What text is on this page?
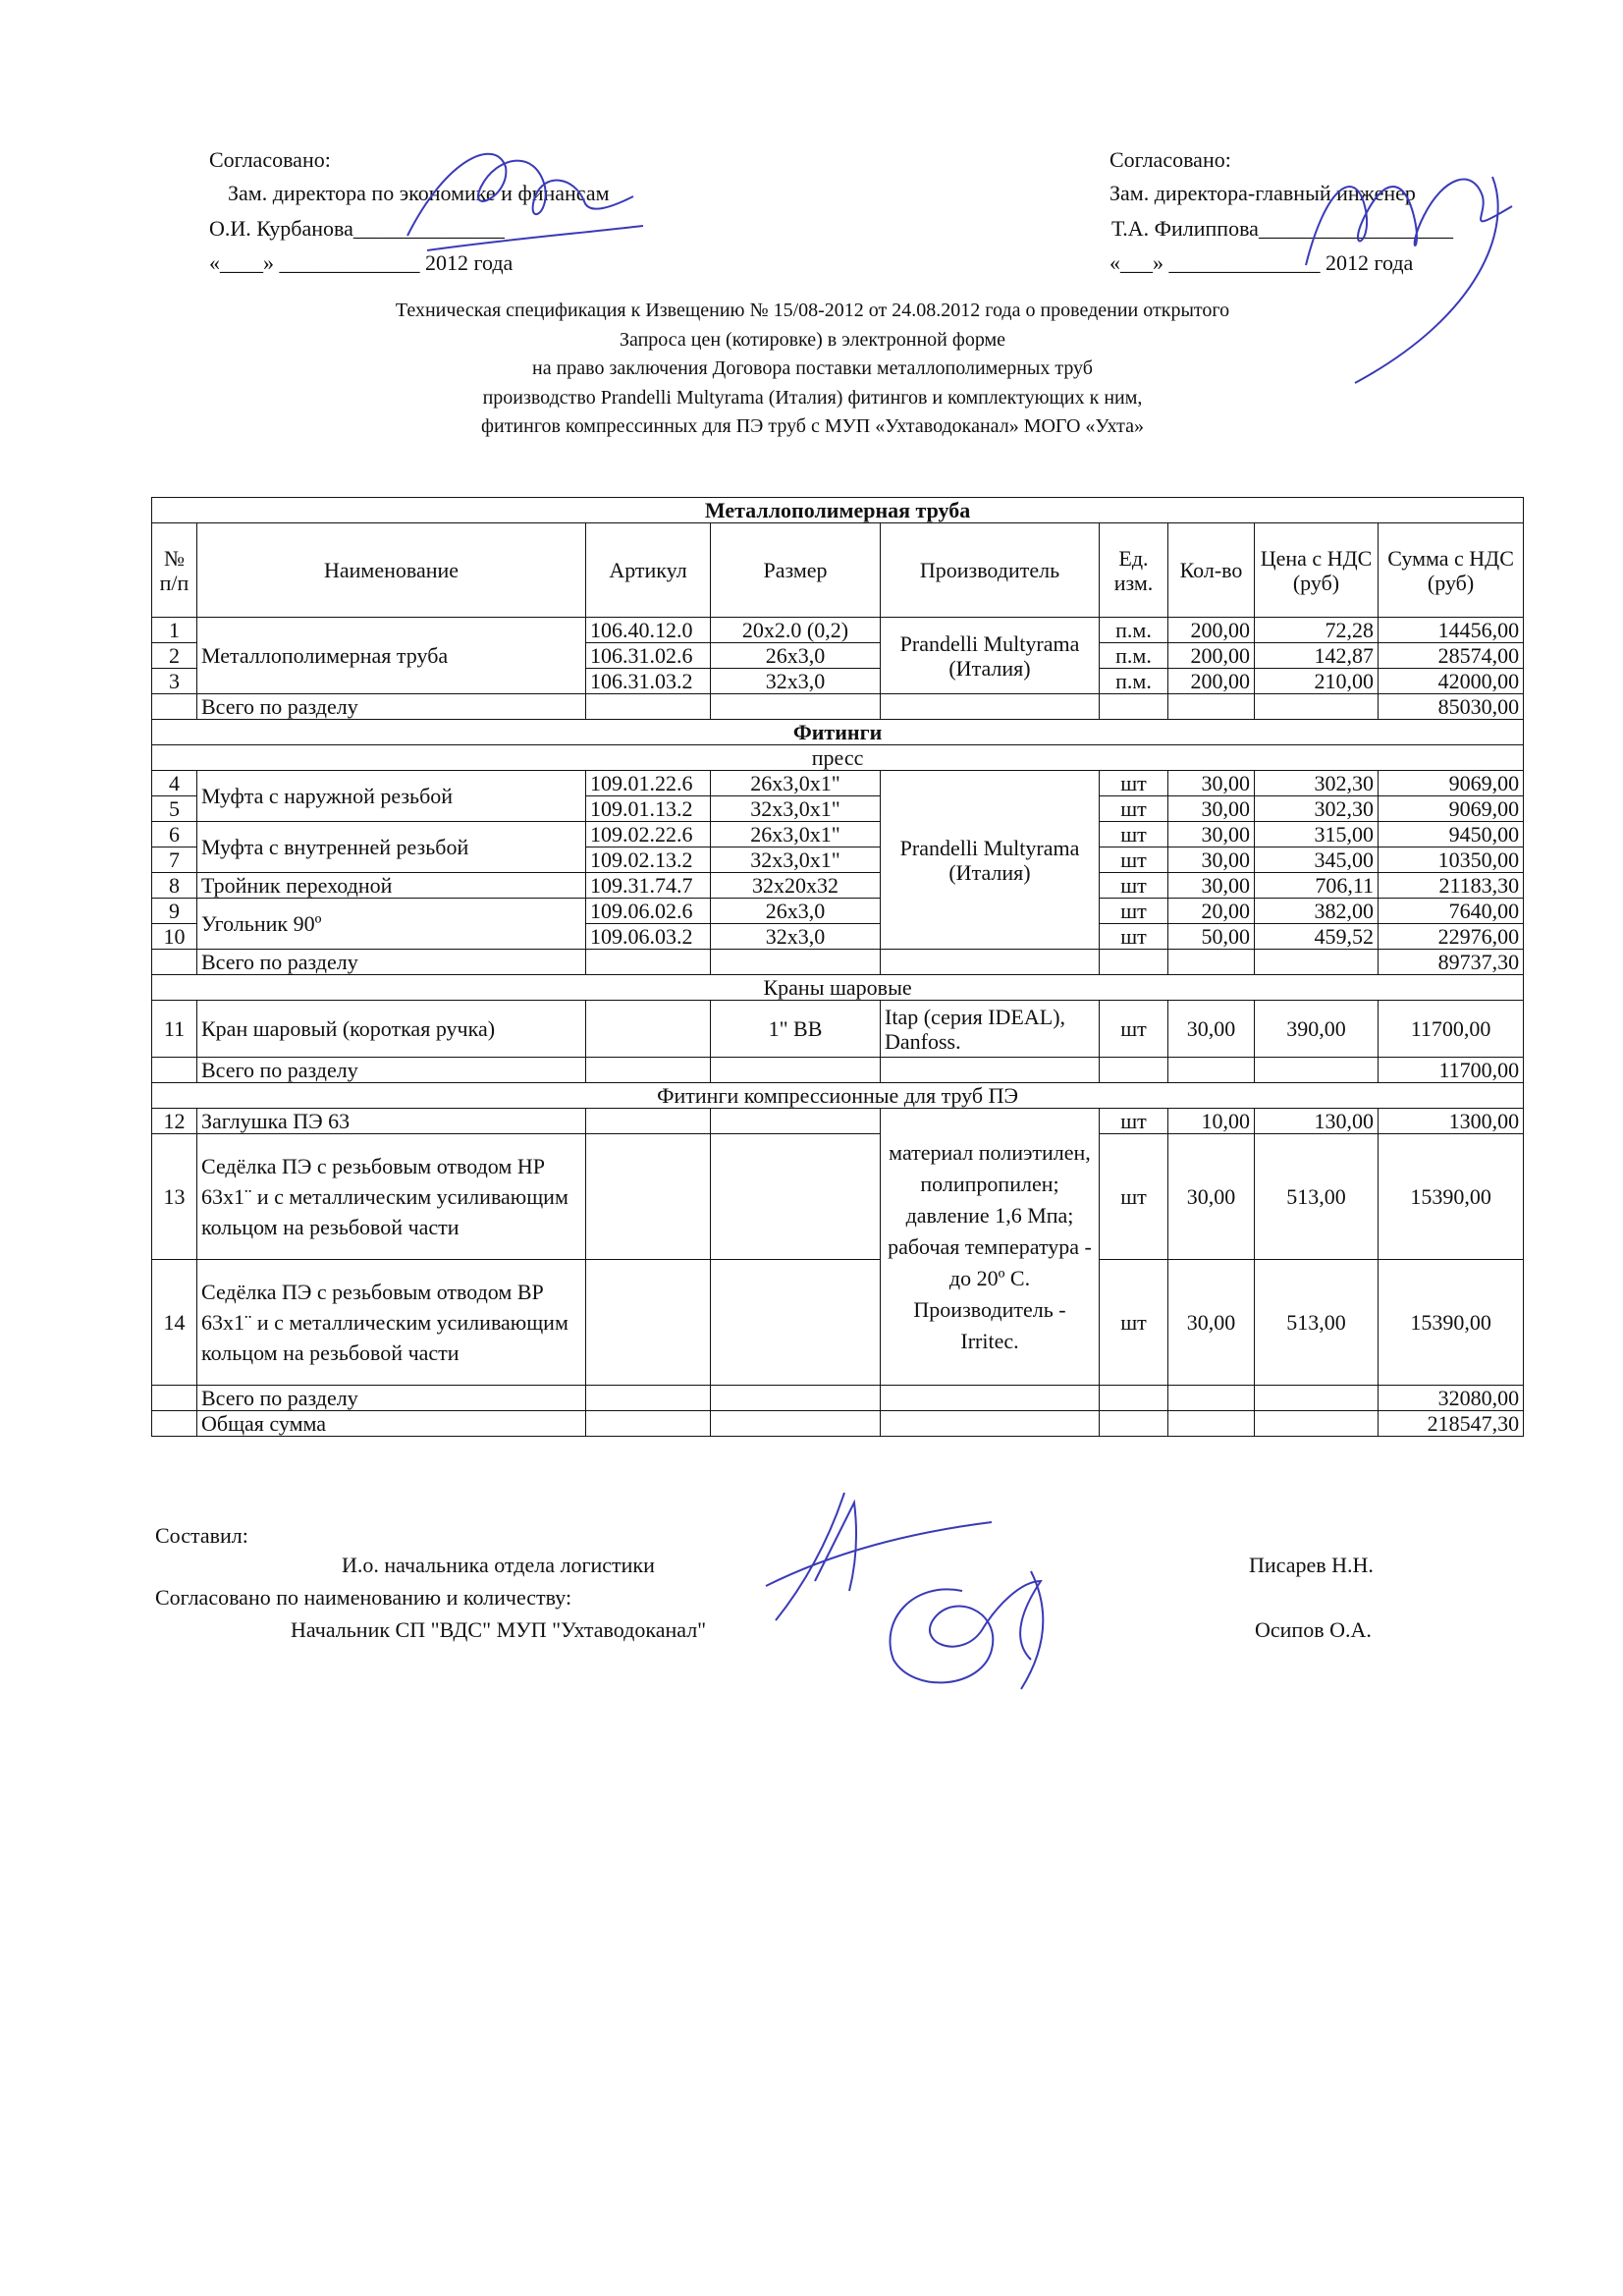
Согласовано:
Зам. директора по экономике и финансам
О.И. Курбанова______________
«____» _____________ 2012 года
Согласовано:
Зам. директора-главный инженер
Т.А. Филиппова__________________
«___» ______________ 2012 года
Техническая спецификация к Извещению № 15/08-2012 от 24.08.2012 года о проведении открытого
Запроса цен (котировке) в электронной форме
на право заключения Договора поставки металлополимерных труб
производство Prandelli Multyrama (Италия) фитингов и комплектующих к ним,
фитингов компрессинных для ПЭ труб с МУП «Ухтаводоканал» МОГО «Ухта»
Металлополимерная труба								
№ п/п	Наименование	Артикул	Размер	Производитель	Ед. изм.	Кол-во	Цена с НДС (руб)	Сумма с НДС (руб)
1	Металлополимерная труба	106.40.12.0	20x2.0 (0,2)	Prandelli Multyrama (Италия)	п.м.	200,00	72,28	14456,00
2		106.31.02.6	26x3,0		п.м.	200,00	142,87	28574,00
3		106.31.03.2	32x3,0		п.м.	200,00	210,00	42000,00
	Всего по разделу							85030,00
Фитинги								
пресс								
4	Муфта с наружной резьбой	109.01.22.6	26x3,0x1"	Prandelli Multyrama (Италия)	шт	30,00	302,30	9069,00
5		109.01.13.2	32x3,0x1"		шт	30,00	302,30	9069,00
6	Муфта с внутренней резьбой	109.02.22.6	26x3,0x1"		шт	30,00	315,00	9450,00
7		109.02.13.2	32x3,0x1"		шт	30,00	345,00	10350,00
8	Тройник переходной	109.31.74.7	32x20x32		шт	30,00	706,11	21183,30
9	Угольник 90º	109.06.02.6	26x3,0		шт	20,00	382,00	7640,00
10		109.06.03.2	32x3,0		шт	50,00	459,52	22976,00
	Всего по разделу							89737,30
Краны шаровые								
11	Кран шаровый (короткая ручка)		1" BB	Itap (серия IDEAL), Danfoss.	шт	30,00	390,00	11700,00
	Всего по разделу							11700,00
Фитинги компрессионные для труб ПЭ								
12	Заглушка ПЭ 63			материал полиэтилен, полипропилен; давление 1,6 Мпа; рабочая температура - до 20º С. Производитель - Irritec.	шт	10,00	130,00	1300,00
13	Седёлка ПЭ с резьбовым отводом НР 63х1¨ и с металлическим усиливающим кольцом на резьбовой части				шт	30,00	513,00	15390,00
14	Седёлка ПЭ с резьбовым отводом ВР 63х1¨ и с металлическим усиливающим кольцом на резьбовой части				шт	30,00	513,00	15390,00
	Всего по разделу							32080,00
	Общая сумма							218547,30
Составил:
И.о. начальника отдела логистики	Писарев Н.Н.
Согласовано по наименованию и количеству:
Начальник СП "ВДС" МУП "Ухтаводоканал"	Осипов О.А.
